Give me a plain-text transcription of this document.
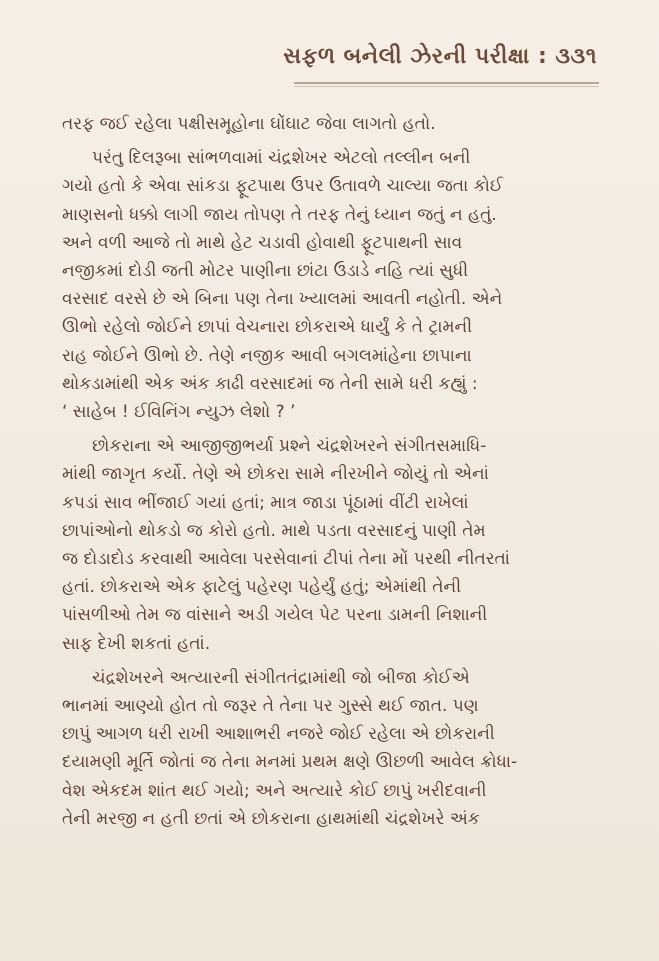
સફળ બનેલી ઝેરની પરીક્ષા : ૩૩૧

તરફ જઈ રહેલા પક્ષીસમૂહોના ઘોંઘાટ જેવા લાગતો હતો.

પરંતુ દિલરૂબા સાંભળવામાં ચંદ્રશેખર એટલો તલ્લીન બની
ગયો હતો કે એવા સાંકડા ફૂટપાથ ઉપર ઉતાવળે ચાલ્યા જતા કોઈ
માણસનો ધક્કો લાગી જાય તોપણ તે તરફ તેનું ધ્યાન જતું ન હતું.
અને વળી આજે તો માથે હેટ ચડાવી હોવાથી ફૂટપાથની સાવ
નજીકમાં દોડી જતી મોટર પાણીના છાંટા ઉડાડે નહિ ત્યાં સુધી
વરસાદ વરસે છે એ બિના પણ તેના ખ્યાલમાં આવતી નહોતી. એને
ઊભો રહેલો જોઈને છાપાં વેચનારા છોકરાએ ધાર્યું કે તે ટ્રામની
રાહ જોઈને ઊભો છે. તેણે નજીક આવી બગલમાંહેના છાપાના
થોકડામાંથી એક અંક કાઢી વરસાદમાં જ તેની સામે ધરી કહ્યું :
‘ સાહેબ ! ઈવિનિંગ ન્યુઝ લેશો ? ’

છોકરાના એ આજીજીભર્યા પ્રશ્ને ચંદ્રશેખરને સંગીતસમાધિ-
માંથી જાગૃત કર્યો. તેણે એ છોકરા સામે નીરખીને જોયું તો એનાં
કપડાં સાવ ભીંજાઈ ગયાં હતાં; માત્ર જાડા પૂંઠામાં વીંટી રાખેલાં
છાપાંઓનો થોકડો જ કોરો હતો. માથે પડતા વરસાદનું પાણી તેમ
જ દોડાદોડ કરવાથી આવેલા પરસેવાનાં ટીપાં તેના મોં પરથી નીતરતાં
હતાં. છોકરાએ એક ફાટેલું પહેરણ પહેર્યું હતું; એમાંથી તેની
પાંસળીઓ તેમ જ વાંસાને અડી ગયેલ પેટ પરના ડામની નિશાની
સાફ દેખી શકતાં હતાં.

ચંદ્રશેખરને અત્યારની સંગીતતંદ્રામાંથી જો બીજા કોઈએ
ભાનમાં આણ્યો હોત તો જરૂર તે તેના પર ગુસ્સે થઈ જાત. પણ
છાપું આગળ ધરી રાખી આશાભરી નજરે જોઈ રહેલા એ છોકરાની
દયામણી મૂર્તિ જોતાં જ તેના મનમાં પ્રથમ ક્ષણે ઊછળી આવેલ ક્રોધા-
વેશ એકદમ શાંત થઈ ગયો; અને અત્યારે કોઈ છાપું ખરીદવાની
તેની મરજી ન હતી છતાં એ છોકરાના હાથમાંથી ચંદ્રશેખરે અંક
